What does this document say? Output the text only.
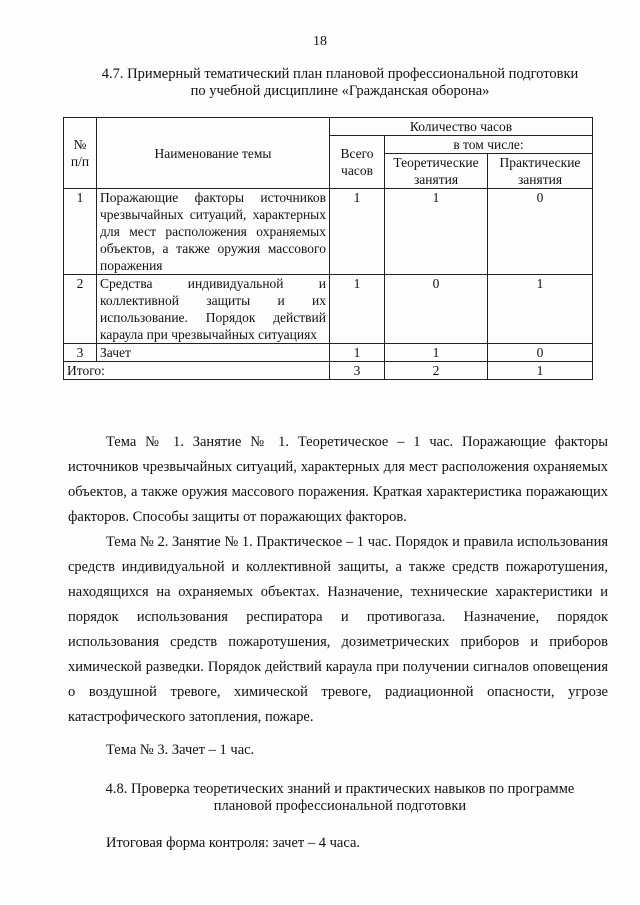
18
4.7. Примерный тематический план плановой профессиональной подготовки
по учебной дисциплине «Гражданская оборона»
№ п/п	Наименование темы	Количество часов		
		Всего часов	в том числе:	
			Теоретические занятия	Практические занятия
1	Поражающие факторы источников чрезвычайных ситуаций, характерных для мест расположения охраняемых объектов, а также оружия массового поражения	1	1	0
2	Средства индивидуальной и коллективной защиты и их использование. Порядок действий караула при чрезвычайных ситуациях	1	0	1
3	Зачет	1	1	0
Итого:		3	2	1
Тема № 1. Занятие № 1. Теоретическое – 1 час. Поражающие факторы источников чрезвычайных ситуаций, характерных для мест расположения охраняемых объектов, а также оружия массового поражения. Краткая характеристика поражающих факторов. Способы защиты от поражающих факторов.
Тема № 2. Занятие № 1. Практическое – 1 час. Порядок и правила использования средств индивидуальной и коллективной защиты, а также средств пожаротушения, находящихся на охраняемых объектах. Назначение, технические характеристики и порядок использования респиратора и противогаза. Назначение, порядок использования средств пожаротушения, дозиметрических приборов и приборов химической разведки. Порядок действий караула при получении сигналов оповещения о воздушной тревоге, химической тревоге, радиационной опасности, угрозе катастрофического затопления, пожаре.
Тема № 3. Зачет – 1 час.
4.8. Проверка теоретических знаний и практических навыков по программе
плановой профессиональной подготовки
Итоговая форма контроля: зачет – 4 часа.
